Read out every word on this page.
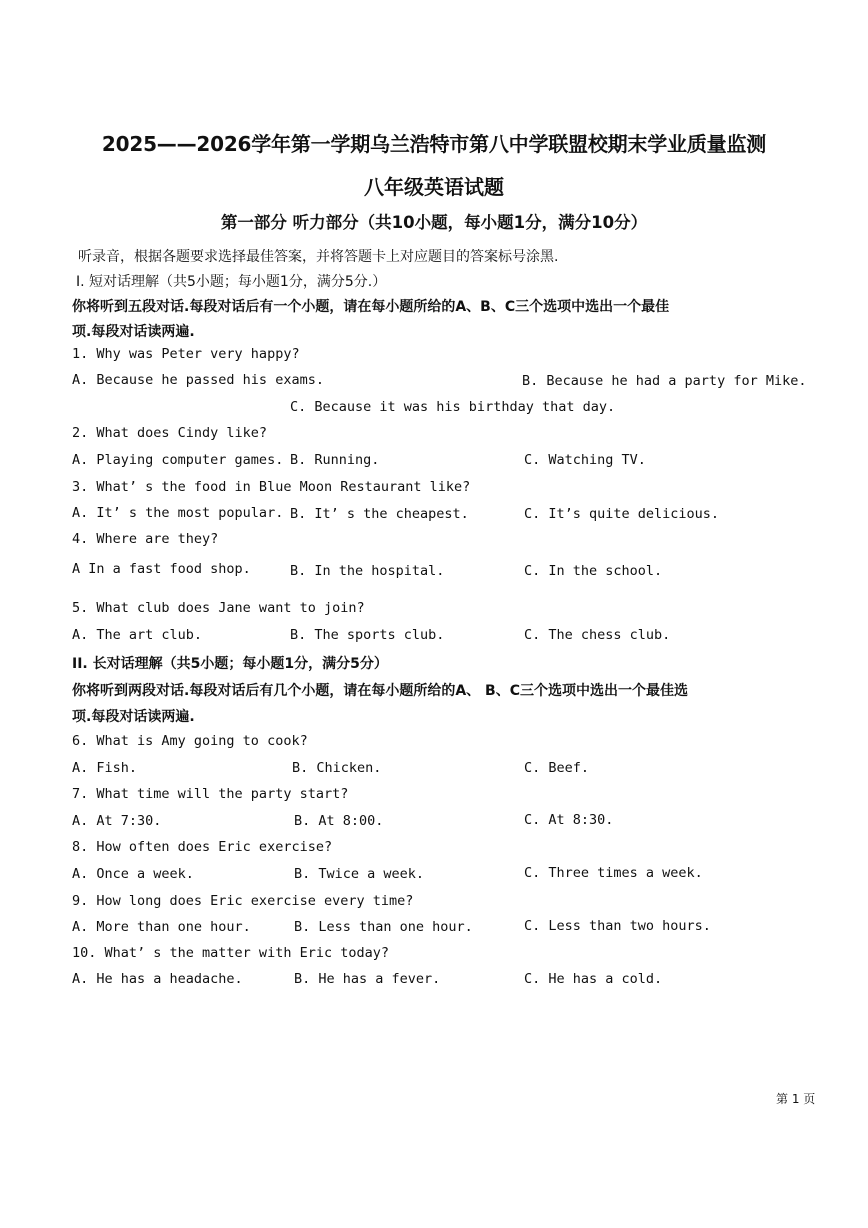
2025——2026学年第一学期乌兰浩特市第八中学联盟校期末学业质量监测
八年级英语试题
第一部分 听力部分（共10小题，每小题1分，满分10分）
听录音，根据各题要求选择最佳答案，并将答题卡上对应题目的答案标号涂黑.
I. 短对话理解（共5小题；每小题1分，满分5分.）
你将听到五段对话.每段对话后有一个小题，请在每小题所给的A、B、C三个选项中选出一个最佳
项.每段对话读两遍.
1. Why was Peter very happy?
A. Because he passed his exams.	B. Because he had a party for Mike.
C. Because it was his birthday that day.
2. What does Cindy like?
A. Playing computer games. B. Running.	C. Watching TV.
3. What’ s the food in Blue Moon Restaurant like?
A. It’ s the most popular. B. It’ s the cheapest.	C. It’s quite delicious.
4. Where are they?
A In a fast food shop.	B. In the hospital.	C. In the school.
5. What club does Jane want to join?
A. The art club.	B. The sports club.	C. The chess club.
II. 长对话理解（共5小题；每小题1分，满分5分）
你将听到两段对话.每段对话后有几个小题，请在每小题所给的A、 B、C三个选项中选出一个最佳选
项.每段对话读两遍.
6. What is Amy going to cook?
A. Fish.	B. Chicken.	C. Beef.
7. What time will the party start?
A. At 7:30.	B. At 8:00.	C. At 8:30.
8. How often does Eric exercise?
A. Once a week.	B. Twice a week.	C. Three times a week.
9. How long does Eric exercise every time?
A. More than one hour.	B. Less than one hour.	C. Less than two hours.
10. What’ s the matter with Eric today?
A. He has a headache.	B. He has a fever.	C. He has a cold.
第 1 页
